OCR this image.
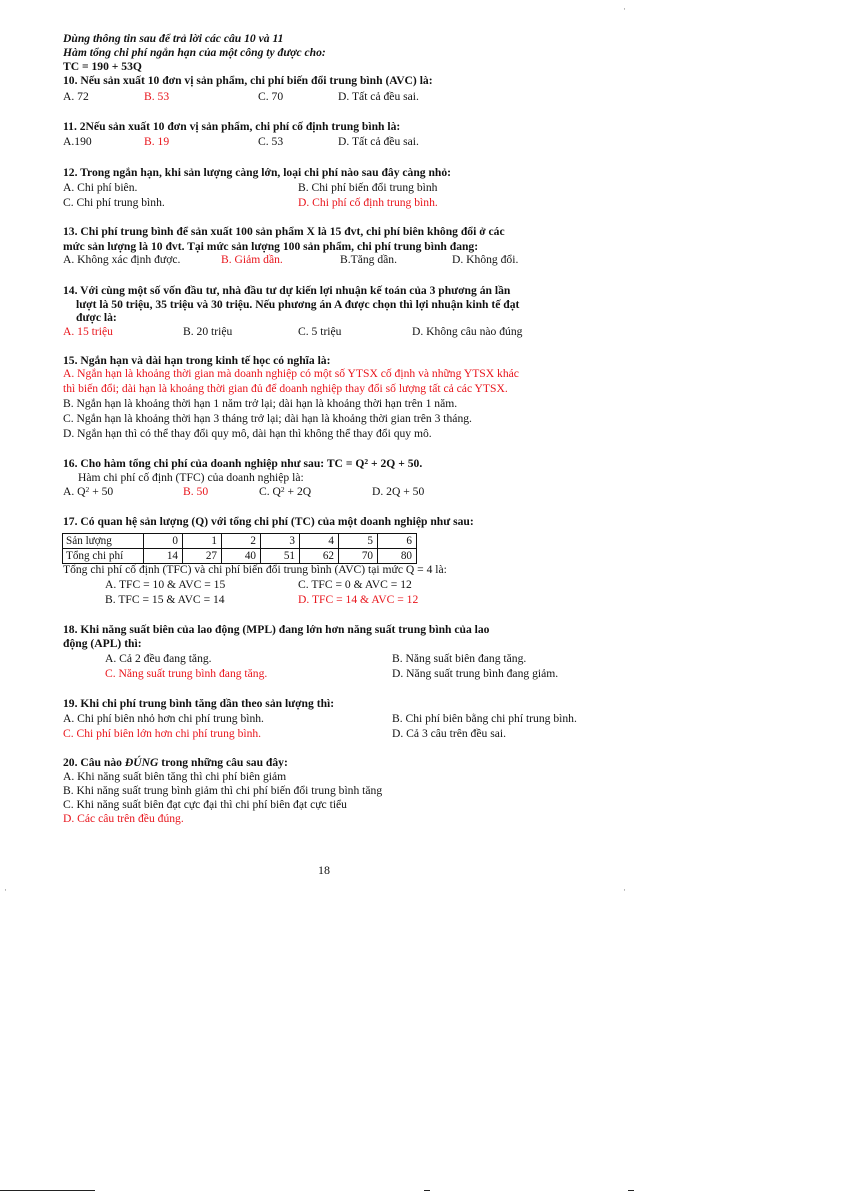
Dùng thông tin sau để trả lời các câu 10 và 11
Hàm tổng chi phí ngắn hạn của một công ty được cho:
TC = 190 + 53Q
10. Nếu sản xuất 10 đơn vị sản phẩm, chi phí biến đổi trung bình (AVC) là:
A. 72	B. 53	C. 70	D. Tất cả đều sai.
11. 2Nếu sản xuất 10 đơn vị sản phẩm, chi phí cố định trung bình là:
A.190	B. 19	C. 53	D. Tất cả đều sai.
12. Trong ngắn hạn, khi sản lượng càng lớn, loại chi phí nào sau đây càng nhỏ:
A. Chi phí biên.	B. Chi phí biến đổi trung bình
C. Chi phí trung bình.	D. Chi phí cố định trung bình.
13. Chi phí trung bình để sản xuất 100 sản phẩm X là 15 đvt, chi phí biên không đổi ở các
mức sản lượng là 10 đvt. Tại mức sản lượng 100 sản phẩm, chi phí trung bình đang:
A. Không xác định được.	B. Giảm dần.	B.Tăng dần.	D. Không đổi.
14. Với cùng một số vốn đầu tư, nhà đầu tư dự kiến lợi nhuận kế toán của 3 phương án lần
lượt là 50 triệu, 35 triệu và 30 triệu. Nếu phương án A được chọn thì lợi nhuận kinh tế đạt
được là:
A. 15 triệu	B. 20 triệu	C. 5 triệu	D. Không câu nào đúng
15. Ngắn hạn và dài hạn trong kinh tế học có nghĩa là:
A. Ngắn hạn là khoảng thời gian mà doanh nghiệp có một số YTSX cố định và những YTSX khác
thì biến đổi; dài hạn là khoảng thời gian đủ để doanh nghiệp thay đổi số lượng tất cả các YTSX.
B. Ngắn hạn là khoảng thời hạn 1 năm trở lại; dài hạn là khoảng thời hạn trên 1 năm.
C. Ngắn hạn là khoảng thời hạn 3 tháng trở lại; dài hạn là khoảng thời gian trên 3 tháng.
D. Ngắn hạn thì có thể thay đổi quy mô, dài hạn thì không thể thay đổi quy mô.
16. Cho hàm tổng chi phí của doanh nghiệp như sau: TC = $Q^2 + 2Q + 50$.
Hàm chi phí cố định (TFC) của doanh nghiệp là:
A. $Q^2 + 50$	B. 50	C. $Q^2 + 2Q$	D. 2Q + 50
17. Có quan hệ sản lượng (Q) với tổng chi phí (TC) của một doanh nghiệp như sau:
Sản lượng	0	1	2	3	4	5	6
Tổng chi phí	14	27	40	51	62	70	80
Tổng chi phí cố định (TFC) và chi phí biến đổi trung bình (AVC) tại mức Q = 4 là:
A. TFC = 10 & AVC = 15	C. TFC = 0 & AVC = 12
B. TFC = 15 & AVC = 14	D. TFC = 14 & AVC = 12
18. Khi năng suất biên của lao động (MPL) đang lớn hơn năng suất trung bình của lao
động (APL) thì:
A. Cả 2 đều đang tăng.	B. Năng suất biên đang tăng.
C. Năng suất trung bình đang tăng.	D. Năng suất trung bình đang giảm.
19. Khi chi phí trung bình tăng dần theo sản lượng thì:
A. Chi phí biên nhỏ hơn chi phí trung bình.	B. Chi phí biên bằng chi phí trung bình.
C. Chi phí biên lớn hơn chi phí trung bình.	D. Cả 3 câu trên đều sai.
20. Câu nào ĐÚNG trong những câu sau đây:
A. Khi năng suất biên tăng thì chi phí biên giảm
B. Khi năng suất trung bình giảm thì chi phí biến đổi trung bình tăng
C. Khi năng suất biên đạt cực đại thì chi phí biên đạt cực tiểu
D. Các câu trên đều đúng.
18
·
·
·
